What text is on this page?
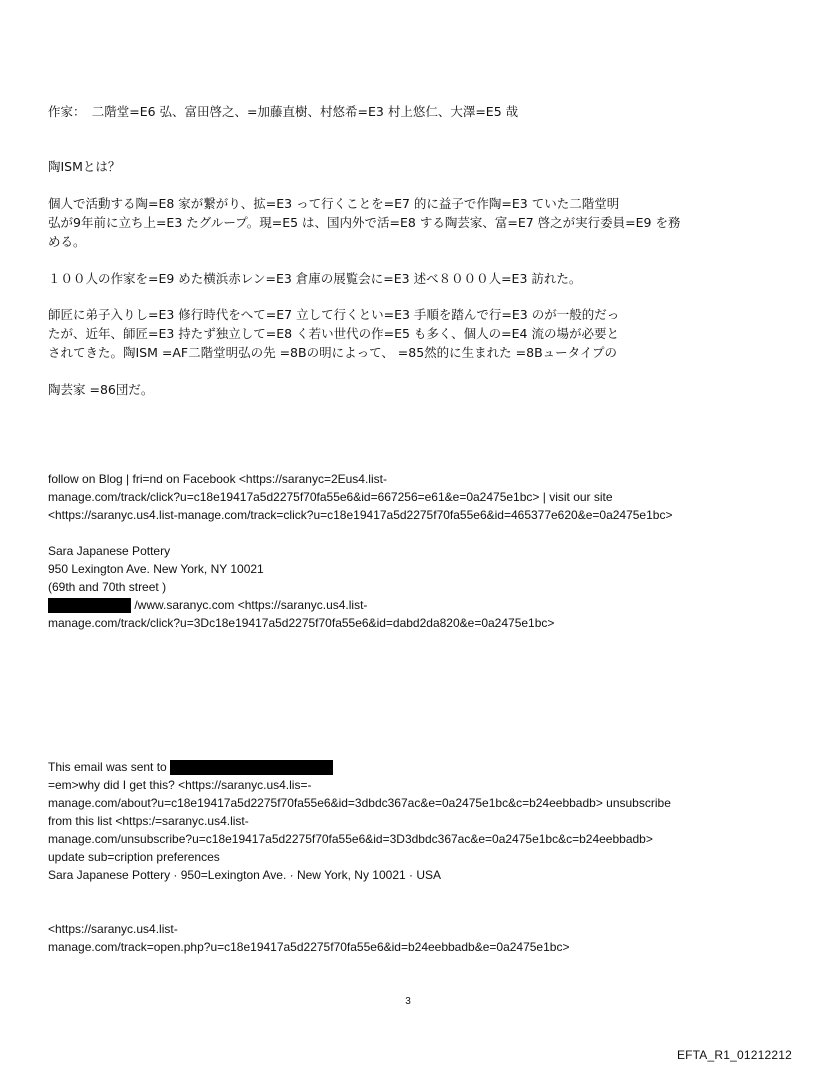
作家：　二階堂=E6 弘、富田啓之、=加藤直樹、村悠希=E3 村上悠仁、大澤=E5 哉
陶ISMとは？
個人で活動する陶=E8 家が繋がり、拡=E3 って行くことを=E7 的に益子で作陶=E3 ていた二階堂明
弘が9年前に立ち上=E3 たグループ。現=E5 は、国内外で活=E8 する陶芸家、富=E7 啓之が実行委員=E9 を務
める。
１００人の作家を=E9 めた横浜赤レン=E3 倉庫の展覧会に=E3 述べ８０００人=E3 訪れた。
師匠に弟子入りし=E3 修行時代をへて=E7 立して行くとい=E3 手順を踏んで行=E3 のが一般的だっ
たが、近年、師匠=E3 持たず独立して=E8 く若い世代の作=E5 も多く、個人の=E4 流の場が必要と
されてきた。陶ISM =AF二階堂明弘の先 =8Bの明によって、 =85然的に生まれた =8Bュータイプの
陶芸家 =86団だ。
follow on Blog | fri=nd on Facebook <https://saranyc=2Eus4.list-
manage.com/track/click?u=c18e19417a5d2275f70fa55e6&id=667256=e61&e=0a2475e1bc> | visit our site
<https://saranyc.us4.list-manage.com/track=click?u=c18e19417a5d2275f70fa55e6&id=465377e620&e=0a2475e1bc>
Sara Japanese Pottery
950 Lexington Ave. New York, NY 10021
(69th and 70th street )
/www.saranyc.com <https://saranyc.us4.list-
manage.com/track/click?u=3Dc18e19417a5d2275f70fa55e6&id=dabd2da820&e=0a2475e1bc>
This email was sent to
=em>why did I get this? <https://saranyc.us4.lis=-
manage.com/about?u=c18e19417a5d2275f70fa55e6&id=3dbdc367ac&e=0a2475e1bc&c=b24eebbadb> unsubscribe
from this list <https:/=saranyc.us4.list-
manage.com/unsubscribe?u=c18e19417a5d2275f70fa55e6&id=3D3dbdc367ac&e=0a2475e1bc&c=b24eebbadb>
update sub=cription preferences
Sara Japanese Pottery · 950=Lexington Ave. · New York, Ny 10021 · USA
<https://saranyc.us4.list-
manage.com/track=open.php?u=c18e19417a5d2275f70fa55e6&id=b24eebbadb&e=0a2475e1bc>
3
EFTA_R1_01212212
